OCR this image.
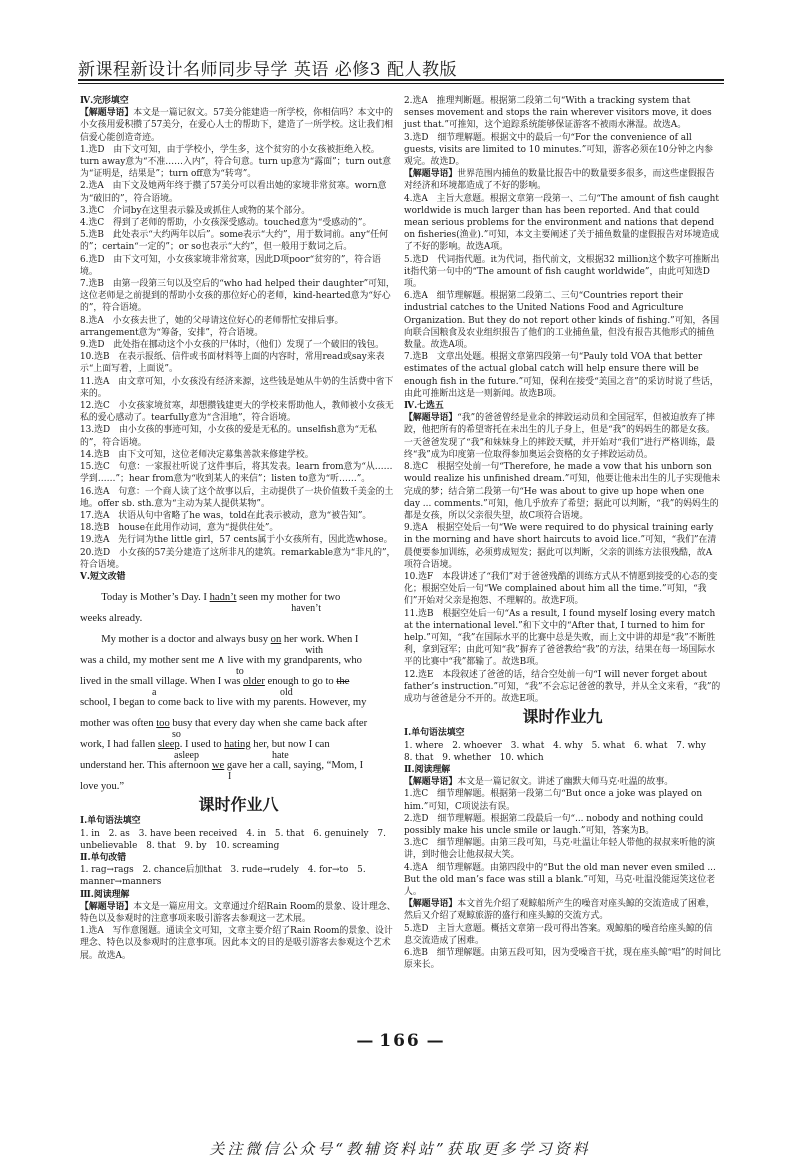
新课程新设计名师同步导学 英语 必修3 配人教版

Ⅳ.完形填空

【解题导语】本文是一篇记叙文。57美分能建造一所学校，你相信吗？本文中的小女孩用爱积攒了57美分，在爱心人士的帮助下，建造了一所学校。这让我们相信爱心能创造奇迹。

1.选D　由下文可知，由于学校小，学生多，这个贫穷的小女孩被拒绝入校。turn away意为“不准……入内”，符合句意。turn up意为“露面”；turn out意为“证明是，结果是”；turn off意为“转弯”。

2.选A　由下文及她两年终于攒了57美分可以看出她的家境非常贫寒。worn意为“破旧的”，符合语境。

3.选C　介词by在这里表示躲及或抓住人或物的某个部分。

4.选C　得到了老师的帮助，小女孩深受感动。touched意为“受感动的”。

5.选B　此处表示“大约两年以后”。some表示“大约”，用于数词前。any“任何的”；certain“一定的”；or so也表示“大约”，但一般用于数词之后。

6.选D　由下文可知，小女孩家境非常贫寒，因此D项poor“贫穷的”，符合语境。

7.选B　由第一段第三句以及空后的“who had helped their daughter”可知，这位老师是之前提到的帮助小女孩的那位好心的老师，kind-hearted意为“好心的”，符合语境。

8.选A　小女孩去世了，她的父母请这位好心的老师帮忙安排后事。arrangement意为“筹备，安排”，符合语境。

9.选D　此处指在挪动这个小女孩的尸体时，（他们）发现了一个破旧的钱包。

10.选B　在表示报纸、信件或书面材料等上面的内容时，常用read或say来表示“上面写着，上面说”。

11.选A　由文章可知，小女孩没有经济来源，这些钱是她从牛奶的生活费中省下来的。

12.选C　小女孩家境贫寒，却想攒钱建更大的学校来帮助他人，教师被小女孩无私的爱心感动了。tearfully意为“含泪地”，符合语境。

13.选D　由小女孩的事迹可知，小女孩的爱是无私的。unselfish意为“无私的”，符合语境。

14.选B　由下文可知，这位老师决定募集善款来修建学校。

15.选C　句意：一家报社听说了这件事后，将其发表。learn from意为“从……学到……”；hear from意为“收到某人的来信”；listen to意为“听……”。

16.选A　句意：一个商人读了这个故事以后，主动提供了一块价值数千美金的土地。offer sb. sth.意为“主动为某人提供某物”。

17.选A　状语从句中省略了he was，told在此表示被动，意为“被告知”。

18.选B　house在此用作动词，意为“提供住处”。

19.选A　先行词为the little girl，57 cents属于小女孩所有，因此选whose。

20.选D　小女孩的57美分建造了这所非凡的建筑。remarkable意为“非凡的”，符合语境。

Ⅴ.短文改错

Today is Mother’s Day. I hadn’t seen my mother for two
haven’t
weeks already.
My mother is a doctor and always busy on her work. When I
with
was a child, my mother sent me ∧ live with my grandparents, who
to
lived in the small village. When I was older enough to go to the
a	old
school, I began to come back to live with my parents. However, my
mother was often too busy that every day when she came back after
so
work, I had fallen sleep. I used to hating her, but now I can
asleep	hate
understand her. This afternoon we gave her a call, saying, “Mom, I
I
love you.”

课时作业八

Ⅰ.单句语法填空

1. in　2. as　3. have been received　4. in　5. that　6. genuinely　7. unbelievable　8. that　9. by　10. screaming

Ⅱ.单句改错

1. rag→rags　2. chance后加that　3. rude→rudely　4. for→to　5. manner→manners

Ⅲ.阅读理解

【解题导语】本文是一篇应用文。文章通过介绍Rain Room的景象、设计理念、特色以及参观时的注意事项来吸引游客去参观这一艺术展。

1.选A　写作意图题。通读全文可知，文章主要介绍了Rain Room的景象、设计理念、特色以及参观时的注意事项。因此本文的目的是吸引游客去参观这个艺术展。故选A。

2.选A　推理判断题。根据第二段第二句“With a tracking system that senses movement and stops the rain wherever visitors move, it does just that.”可推知，这个追踪系统能够保证游客不被雨水淋湿。故选A。

3.选D　细节理解题。根据文中的最后一句“For the convenience of all guests, visits are limited to 10 minutes.”可知，游客必须在10分钟之内参观完。故选D。

【解题导语】世界范围内捕鱼的数量比报告中的数量要多很多，而这些虚假报告对经济和环境都造成了不好的影响。

4.选A　主旨大意题。根据文章第一段第一、二句“The amount of fish caught worldwide is much larger than has been reported. And that could mean serious problems for the environment and nations that depend on fisheries(渔业).”可知，本文主要阐述了关于捕鱼数量的虚假报告对环境造成了不好的影响。故选A项。

5.选D　代词指代题。it为代词，指代前文，文根据32 million这个数字可推断出it指代第一句中的“The amount of fish caught worldwide”，由此可知选D项。

6.选A　细节理解题。根据第二段第二、三句“Countries report their industrial catches to the United Nations Food and Agriculture Organization. But they do not report other kinds of fishing.”可知，各国向联合国粮食及农业组织报告了他们的工业捕鱼量，但没有报告其他形式的捕鱼数量。故选A项。

7.选B　文章出处题。根据文章第四段第一句“Pauly told VOA that better estimates of the actual global catch will help ensure there will be enough fish in the future.”可知，保利在接受“美国之音”的采访时说了些话，由此可推断出这是一则新闻。故选B项。

Ⅳ.七选五

【解题导语】“我”的爸爸曾经是业余的摔跤运动员和全国冠军，但被迫放弃了摔跤，他把所有的希望寄托在未出生的儿子身上，但是“我”的妈妈生的都是女孩。一天爸爸发现了“我”和妹妹身上的摔跤天赋，并开始对“我们”进行严格训练，最终“我”成为印度第一位取得参加奥运会资格的女子摔跤运动员。

8.选C　根据空处前一句“Therefore, he made a vow that his unborn son would realize his unfinished dream.”可知，他要让他未出生的儿子实现他未完成的梦；结合第二段第一句“He was about to give up hope when one day ... comments.”可知，他几乎放弃了希望；据此可以判断，“我”的妈妈生的都是女孩，所以父亲很失望，故C项符合语境。

9.选A　根据空处后一句“We were required to do physical training early in the morning and have short haircuts to avoid lice.”可知，“我们”在清晨便要参加训练，必须剪成短发；据此可以判断，父亲的训练方法很残酷，故A项符合语境。

10.选F　本段讲述了“我们”对于爸爸残酷的训练方式从不情愿到接受的心态的变化；根据空处后一句“We complained about him all the time.”可知，“我们”开始对父亲是抱怨、不理解的。故选F项。

11.选B　根据空处后一句“As a result, I found myself losing every match at the international level.”和下文中的“After that, I turned to him for help.”可知，“我”在国际水平的比赛中总是失败，而上文中讲的却是“我”不断胜利，拿到冠军；由此可知“我”摒弃了爸爸教给“我”的方法，结果在每一场国际水平的比赛中“我”都输了。故选B项。

12.选E　本段叙述了爸爸的话，结合空处前一句“I will never forget about father’s instruction.”可知，“我”不会忘记爸爸的教导，并从全文来看，“我”的成功与爸爸是分不开的。故选E项。

课时作业九

Ⅰ.单句语法填空

1. where　2. whoever　3. what　4. why　5. what　6. what　7. why　8. that　9. whether　10. which

Ⅱ.阅读理解

【解题导语】本文是一篇记叙文。讲述了幽默大师马克·吐温的故事。

1.选C　细节理解题。根据第一段第二句“But once a joke was played on him.”可知，C项说法有误。

2.选D　细节理解题。根据第二段最后一句“... nobody and nothing could possibly make his uncle smile or laugh.”可知，答案为B。

3.选C　细节理解题。由第三段可知，马克·吐温让年轻人带他的叔叔来听他的演讲，到时他会让他叔叔大笑。

4.选A　细节理解题。由第四段中的“But the old man never even smiled ... But the old man’s face was still a blank.”可知，马克·吐温没能逗笑这位老人。

【解题导语】本文首先介绍了观鲸船所产生的噪音对座头鲸的交流造成了困难，然后又介绍了观鲸旅游的盛行和座头鲸的交流方式。

5.选D　主旨大意题。概括文章第一段可得出答案。观鲸船的噪音给座头鲸的信息交流造成了困难。

6.选B　细节理解题。由第五段可知，因为受噪音干扰，现在座头鲸“唱”的时间比原来长。

— 166 —
关注微信公众号“教辅资料站”获取更多学习资料
